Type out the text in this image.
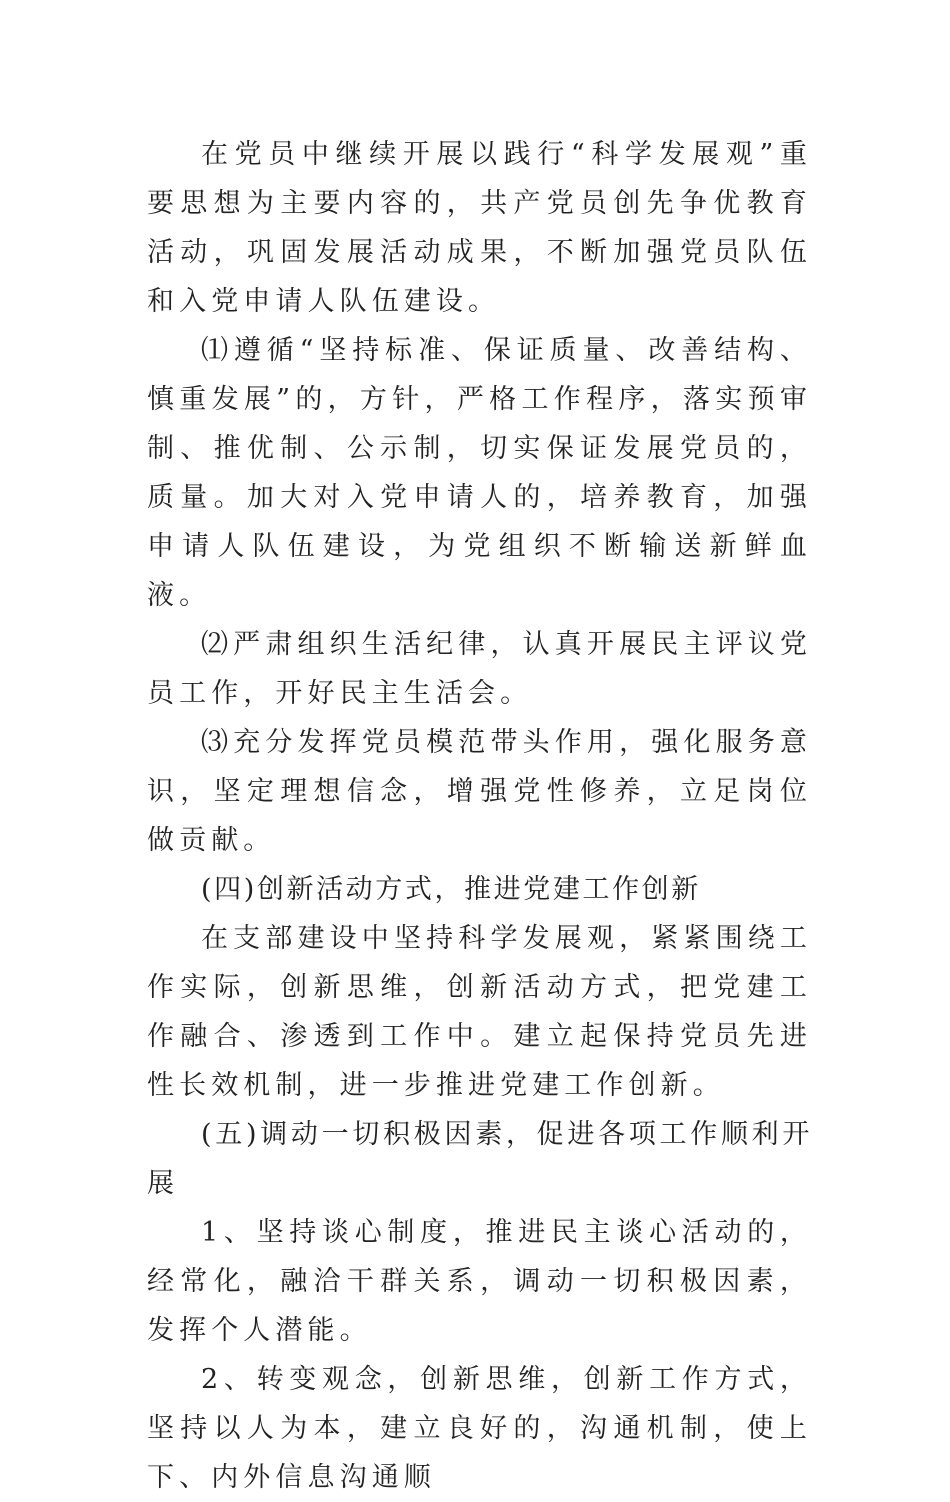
在党员中继续开展以践行“科学发展观”重要思想为主要内容的，共产党员创先争优教育活动，巩固发展活动成果，不断加强党员队伍和入党申请人队伍建设。

⑴遵循“坚持标准、保证质量、改善结构、慎重发展”的，方针，严格工作程序，落实预审制、推优制、公示制，切实保证发展党员的，质量。加大对入党申请人的，培养教育，加强申请人队伍建设，为党组织不断输送新鲜血液。

⑵严肃组织生活纪律，认真开展民主评议党员工作，开好民主生活会。

⑶充分发挥党员模范带头作用，强化服务意识，坚定理想信念，增强党性修养，立足岗位做贡献。

(四)创新活动方式，推进党建工作创新

在支部建设中坚持科学发展观，紧紧围绕工作实际，创新思维，创新活动方式，把党建工作融合、渗透到工作中。建立起保持党员先进性长效机制，进一步推进党建工作创新。

(五)调动一切积极因素，促进各项工作顺利开展

1、坚持谈心制度，推进民主谈心活动的，经常化，融洽干群关系，调动一切积极因素，发挥个人潜能。

2、转变观念，创新思维，创新工作方式，坚持以人为本，建立良好的，沟通机制，使上下、内外信息沟通顺
